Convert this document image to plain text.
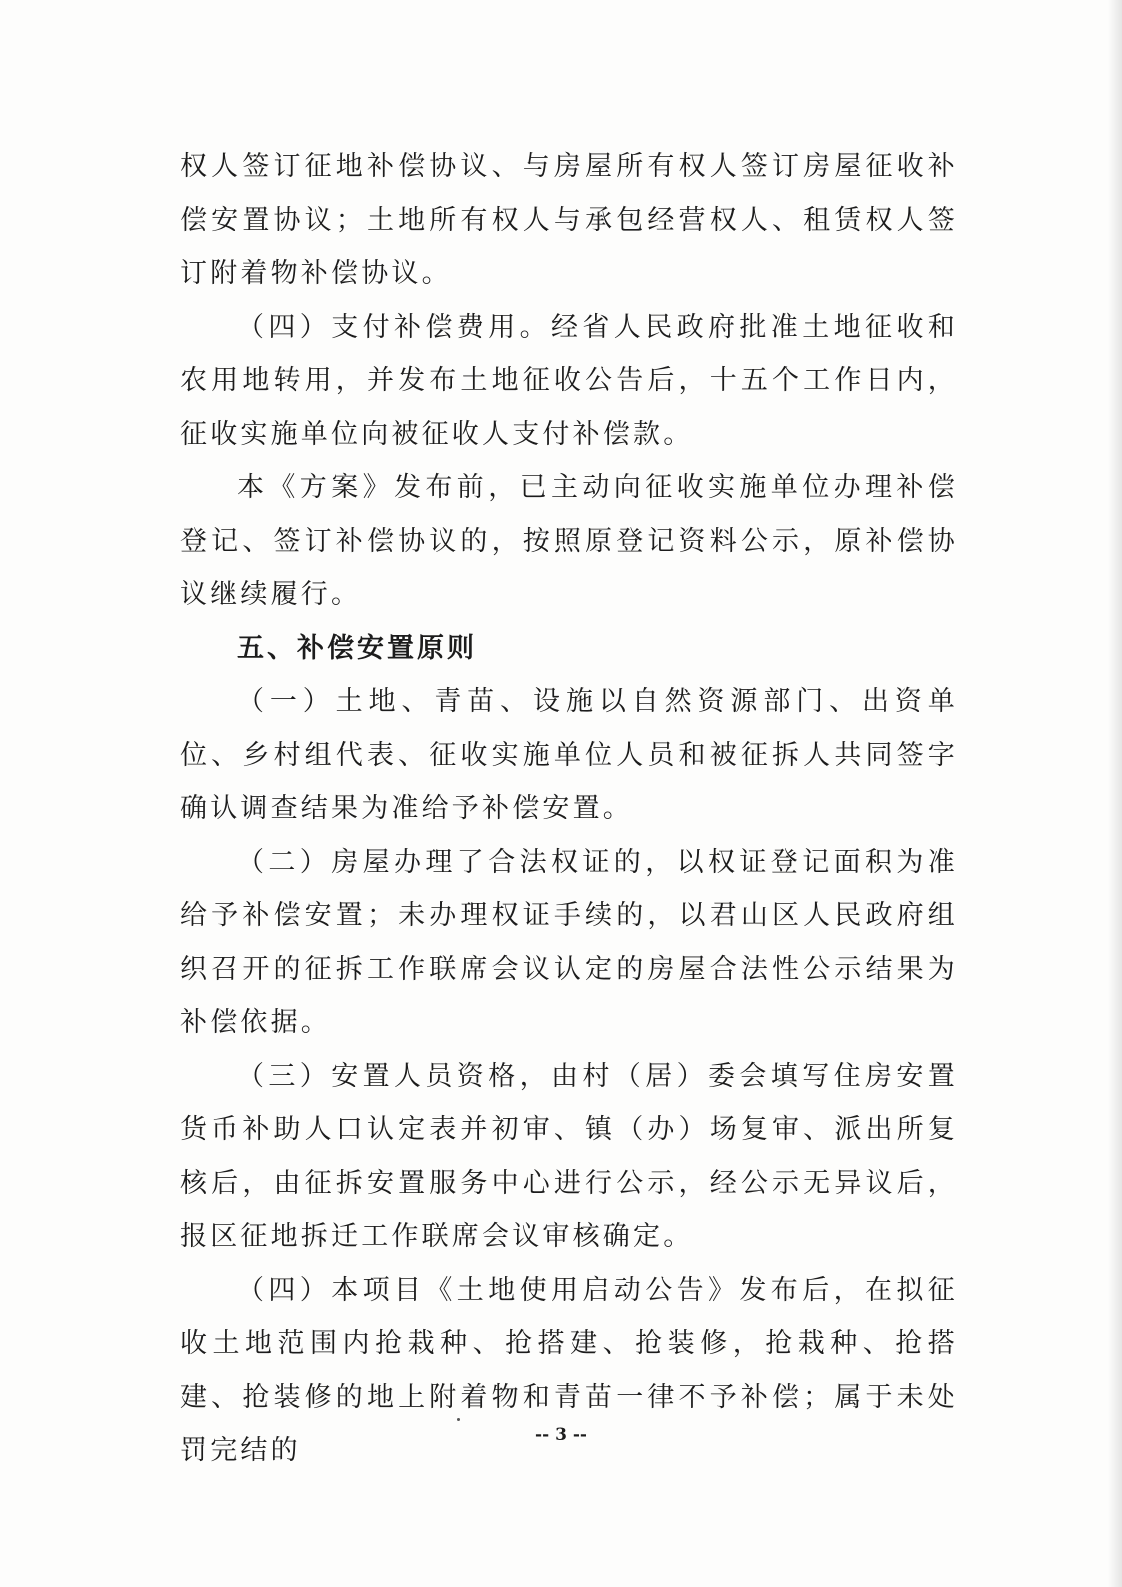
权人签订征地补偿协议、与房屋所有权人签订房屋征收补偿安置协议；土地所有权人与承包经营权人、租赁权人签订附着物补偿协议。

（四）支付补偿费用。经省人民政府批准土地征收和农用地转用，并发布土地征收公告后，十五个工作日内，征收实施单位向被征收人支付补偿款。

本《方案》发布前，已主动向征收实施单位办理补偿登记、签订补偿协议的，按照原登记资料公示，原补偿协议继续履行。

五、补偿安置原则

（一）土地、青苗、设施以自然资源部门、出资单位、乡村组代表、征收实施单位人员和被征拆人共同签字确认调查结果为准给予补偿安置。

（二）房屋办理了合法权证的，以权证登记面积为准给予补偿安置；未办理权证手续的，以君山区人民政府组织召开的征拆工作联席会议认定的房屋合法性公示结果为补偿依据。

（三）安置人员资格，由村（居）委会填写住房安置货币补助人口认定表并初审、镇（办）场复审、派出所复核后，由征拆安置服务中心进行公示，经公示无异议后，报区征地拆迁工作联席会议审核确定。

（四）本项目《土地使用启动公告》发布后，在拟征收土地范围内抢栽种、抢搭建、抢装修，抢栽种、抢搭建、抢装修的地上附着物和青苗一律不予补偿；属于未处罚完结的	-- 3 --
